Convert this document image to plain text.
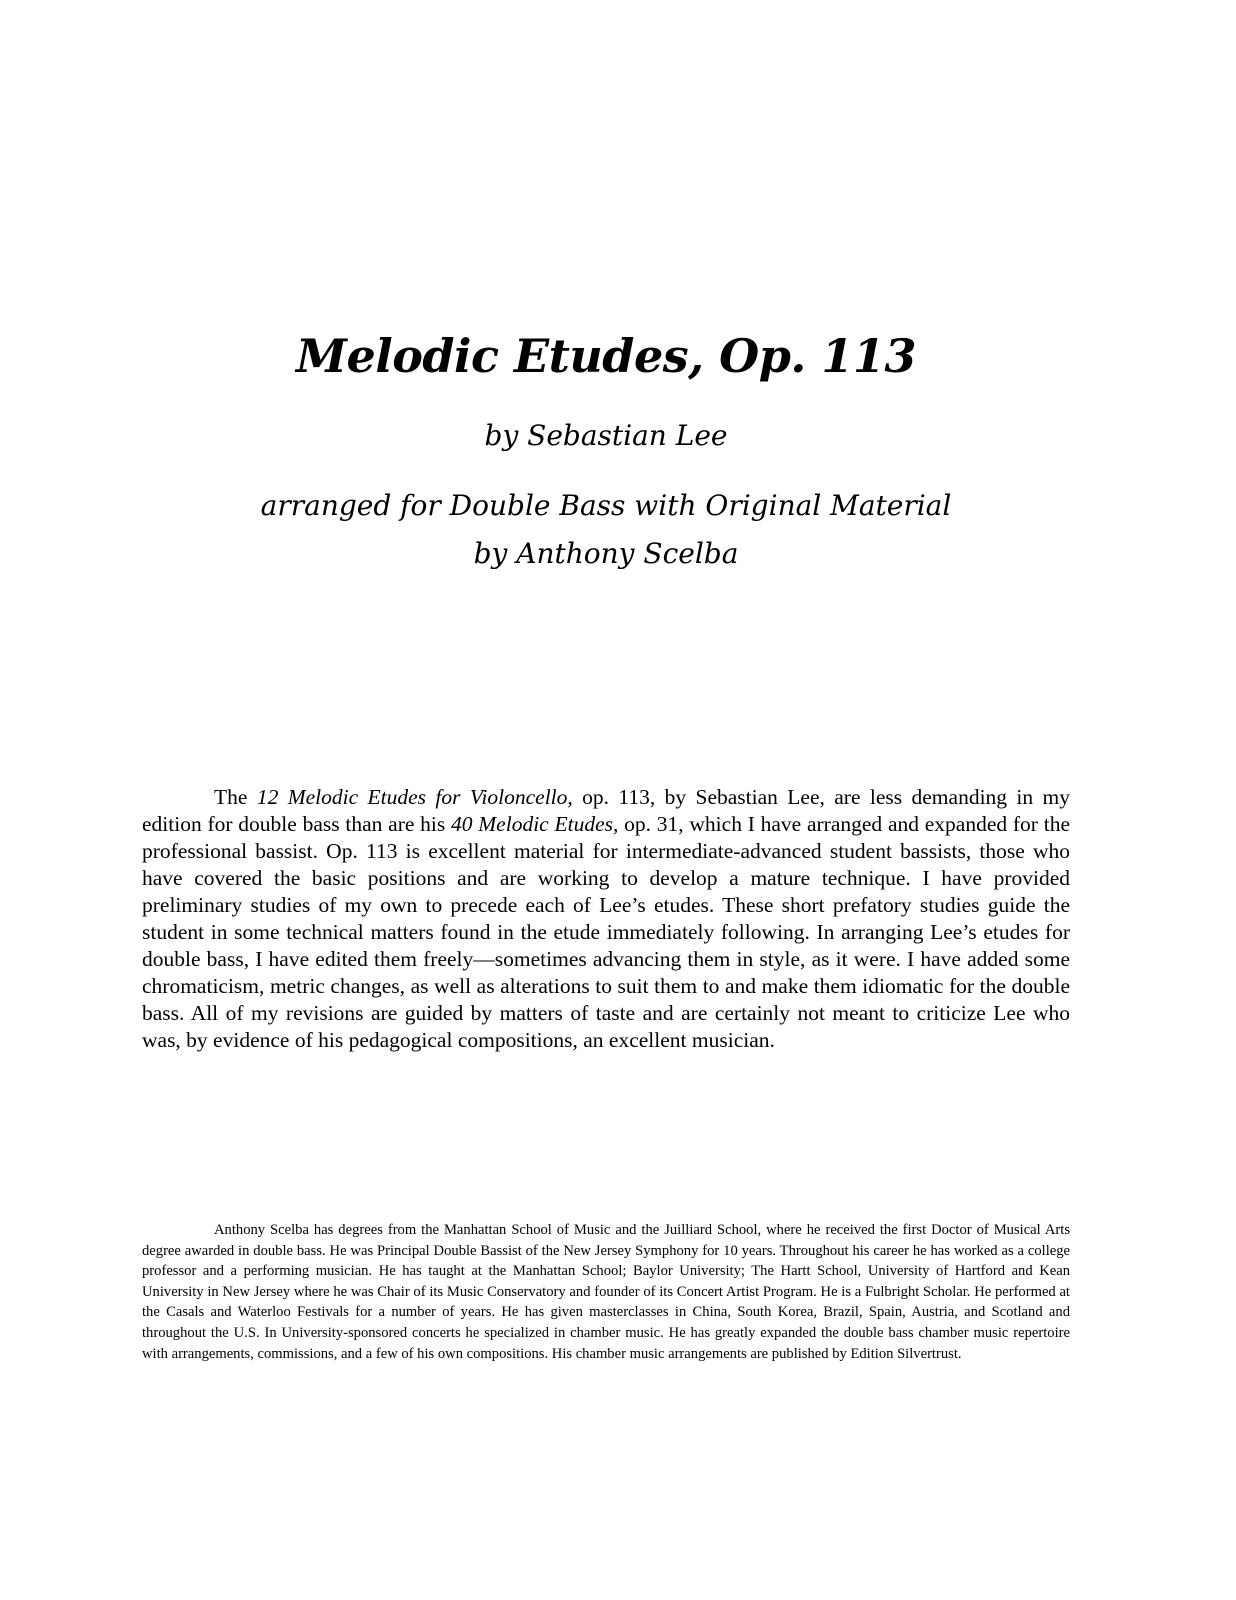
Melodic Etudes, Op. 113

by Sebastian Lee

arranged for Double Bass with Original Material

by Anthony Scelba

The 12 Melodic Etudes for Violoncello, op. 113, by Sebastian Lee, are less demanding in my edition for double bass than are his 40 Melodic Etudes, op. 31, which I have arranged and expanded for the professional bassist. Op. 113 is excellent material for intermediate-advanced student bassists, those who have covered the basic positions and are working to develop a mature technique. I have provided preliminary studies of my own to precede each of Lee’s etudes. These short prefatory studies guide the student in some technical matters found in the etude immediately following. In arranging Lee’s etudes for double bass, I have edited them freely—sometimes advancing them in style, as it were. I have added some chromaticism, metric changes, as well as alterations to suit them to and make them idiomatic for the double bass. All of my revisions are guided by matters of taste and are certainly not meant to criticize Lee who was, by evidence of his pedagogical compositions, an excellent musician.

Anthony Scelba has degrees from the Manhattan School of Music and the Juilliard School, where he received the first Doctor of Musical Arts degree awarded in double bass. He was Principal Double Bassist of the New Jersey Symphony for 10 years. Throughout his career he has worked as a college professor and a performing musician. He has taught at the Manhattan School; Baylor University; The Hartt School, University of Hartford and Kean University in New Jersey where he was Chair of its Music Conservatory and founder of its Concert Artist Program. He is a Fulbright Scholar. He performed at the Casals and Waterloo Festivals for a number of years. He has given masterclasses in China, South Korea, Brazil, Spain, Austria, and Scotland and throughout the U.S. In University-sponsored concerts he specialized in chamber music. He has greatly expanded the double bass chamber music repertoire with arrangements, commissions, and a few of his own compositions. His chamber music arrangements are published by Edition Silvertrust.
